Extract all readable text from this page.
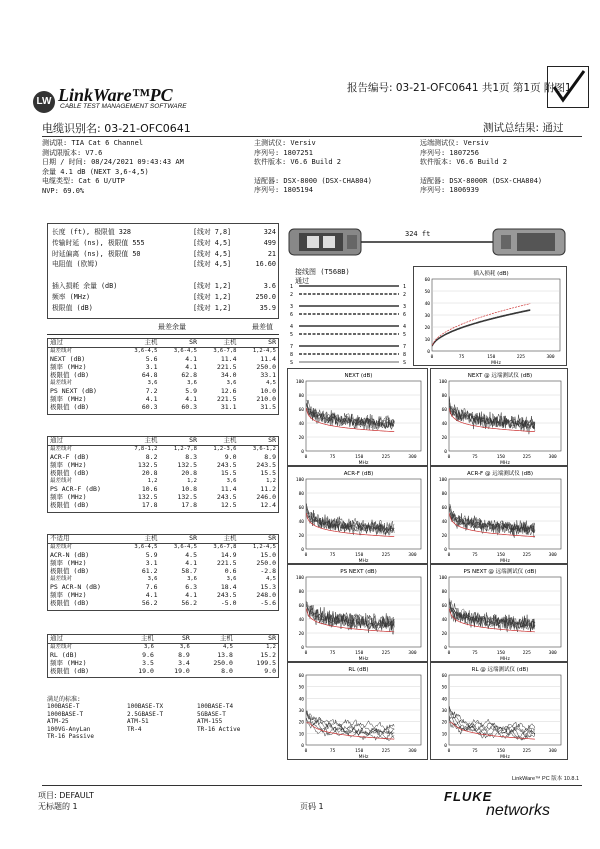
报告编号: 03-21-OFC0641 共1页 第1页 附图1
LW LinkWare™PC
CABLE TEST MANAGEMENT SOFTWARE
电缆识别名: 03-21-OFC0641	测试总结果: 通过
测试限: TIA Cat 6 Channel
测试限版本: V7.6
日期 / 时间: 08/24/2021 09:43:43 AM
余量 4.1 dB (NEXT 3,6-4,5)
电缆类型: Cat 6 U/UTP
NVP: 69.0%
主测试仪: Versiv
序列号: 1807251
软件版本: V6.6 Build 2
适配器: DSX-8000 (DSX-CHA804)
序列号: 1805194
远端测试仪: Versiv
序列号: 1807256
软件版本: V6.6 Build 2
适配器: DSX-8000R (DSX-CHA804)
序列号: 1806939
长度 (ft), 极限值 328	[线对 7,8]	324
传输时延 (ns), 极限值 555	[线对 4,5]	499
时延偏离 (ns), 极限值 50	[线对 4,5]	21
电阻值 (欧姆)	[线对 4,5]	16.60
插入损耗 余量 (dB)	[线对 1,2]	3.6
频率 (MHz)	[线对 1,2]	250.0
极限值 (dB)	[线对 1,2]	35.9
最差余量	最差值
通过	主机	SR	主机	SR
最差线对	3,6-4,5	3,6-4,5	3,6-7,8	1,2-4,5
NEXT (dB)	5.6	4.1	11.4	11.4
频率 (MHz)	3.1	4.1	221.5	250.0
极限值 (dB)	64.8	62.8	34.0	33.1
最差线对	3,6	3,6	3,6	4,5
PS NEXT (dB)	7.2	5.9	12.6	10.0
频率 (MHz)	4.1	4.1	221.5	210.0
极限值 (dB)	60.3	60.3	31.1	31.5
通过	主机	SR	主机	SR
最差线对	7,8-1,2	1,2-7,8	1,2-3,6	3,6-1,2
ACR-F (dB)	8.2	8.3	9.0	8.9
频率 (MHz)	132.5	132.5	243.5	243.5
极限值 (dB)	20.8	20.8	15.5	15.5
最差线对	1,2	1,2	3,6	1,2
PS ACR-F (dB)	10.6	10.8	11.4	11.2
频率 (MHz)	132.5	132.5	243.5	246.0
极限值 (dB)	17.8	17.8	12.5	12.4
不适用	主机	SR	主机	SR
最差线对	3,6-4,5	3,6-4,5	3,6-7,8	1,2-4,5
ACR-N (dB)	5.9	4.5	14.9	15.0
频率 (MHz)	3.1	4.1	221.5	250.0
极限值 (dB)	61.2	58.7	0.6	-2.8
最差线对	3,6	3,6	3,6	4,5
PS ACR-N (dB)	7.6	6.3	18.4	15.3
频率 (MHz)	4.1	4.1	243.5	248.0
极限值 (dB)	56.2	56.2	-5.0	-5.6
通过	主机	SR	主机	SR
最差线对	3,6	3,6	4,5	1,2
RL (dB)	9.6	8.9	13.8	15.2
频率 (MHz)	3.5	3.4	250.0	199.5
极限值 (dB)	19.0	19.0	8.0	9.0
满足的标准:
100BASE-T	100BASE-TX	100BASE-T4
1000BASE-T	2.5GBASE-T	5GBASE-T
ATM-25	ATM-51	ATM-155
100VG-AnyLan	TR-4	TR-16 Active
TR-16 Passive
324 ft
接线图 (T568B)
通过
1	1
2	2
3	3
6	6
4	4
5	5
7	7
8	8
S	S
插入损耗 (dB)
60
50
40
30
20
10
0
0	75	150	225	300
MHz
NEXT (dB)
100
80
60
40
20
0
0	75	150	225	300
MHz
NEXT @ 远端测试仪 (dB)
100
80
60
40
20
0
0	75	150	225	300
MHz
ACR-F (dB)
100
80
60
40
20
0
0	75	150	225	300
MHz
ACR-F @ 远端测试仪 (dB)
100
80
60
40
20
0
0	75	150	225	300
MHz
PS NEXT (dB)
100
80
60
40
20
0
0	75	150	225	300
MHz
PS NEXT @ 远端测试仪 (dB)
100
80
60
40
20
0
0	75	150	225	300
MHz
RL (dB)
60
50
40
30
20
10
0
0	75	150	225	300
MHz
RL @ 远端测试仪 (dB)
60
50
40
30
20
10
0
0	75	150	225	300
MHz
LinkWare™ PC 版本 10.8.1
项目: DEFAULT
无标题的 1	页码 1
FLUKE
networks
